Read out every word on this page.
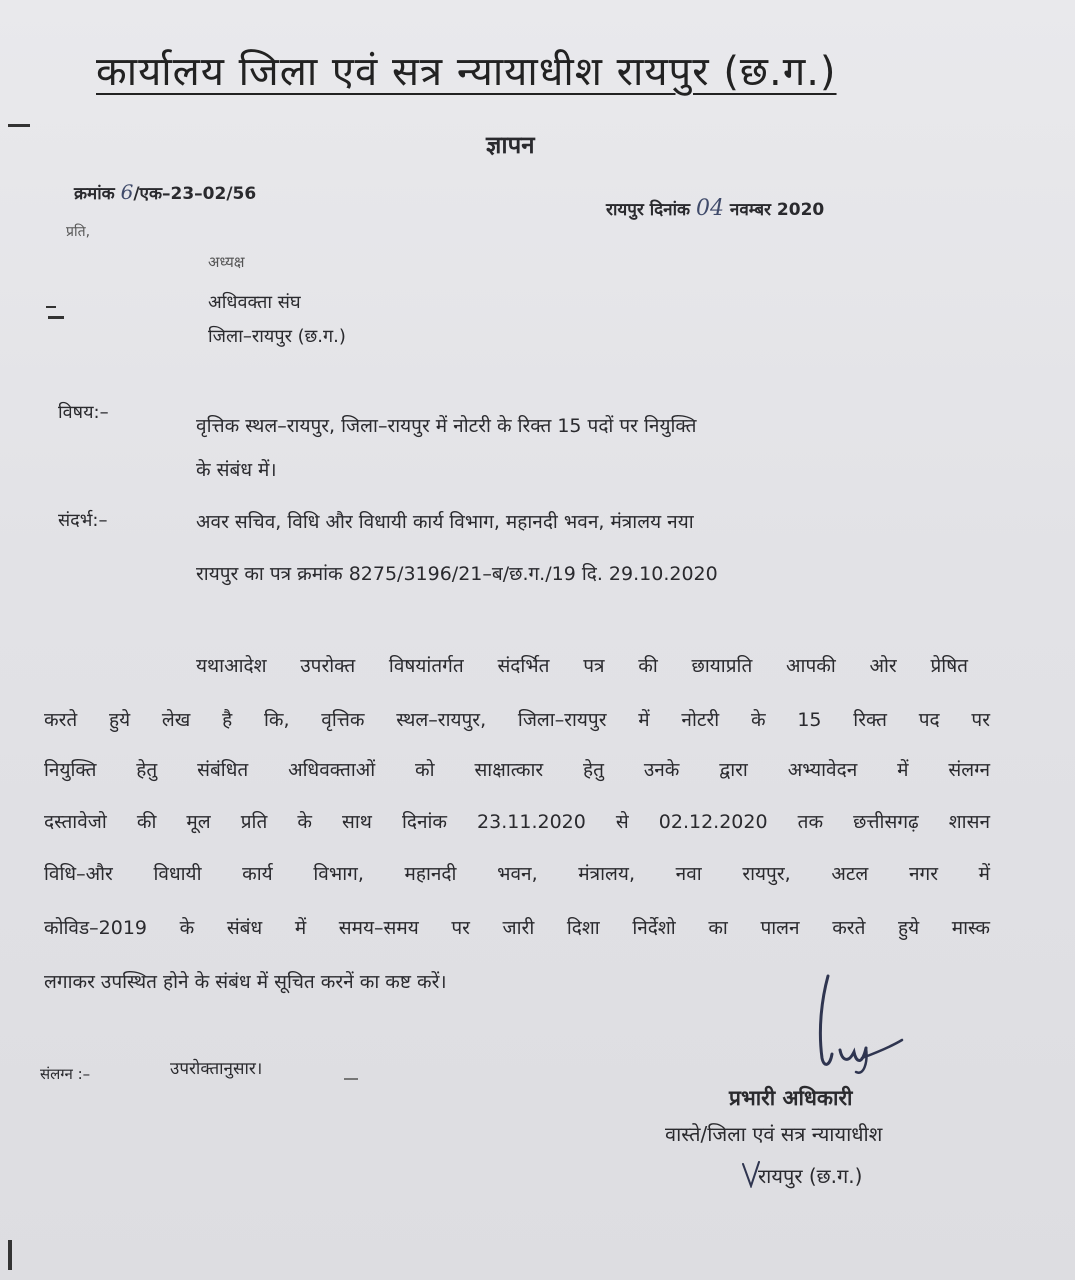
कार्यालय जिला एवं सत्र न्यायाधीश रायपुर (छ.ग.)
ज्ञापन
क्रमांक 6/एक–23–02/56
रायपुर दिनांक 04 नवम्बर 2020
प्रति,
अध्यक्ष
अधिवक्ता संघ
जिला–रायपुर (छ.ग.)
विषय:–
वृत्तिक स्थल–रायपुर, जिला–रायपुर में नोटरी के रिक्त 15 पदों पर नियुक्ति
के संबंध में।
संदर्भ:–	अवर सचिव, विधि और विधायी कार्य विभाग, महानदी भवन, मंत्रालय नया
रायपुर का पत्र क्रमांक 8275/3196/21–ब/छ.ग./19 दि. 29.10.2020
यथाआदेश उपरोक्त विषयांतर्गत संदर्भित पत्र की छायाप्रति आपकी ओर प्रेषित
करते हुये लेख है कि, वृत्तिक स्थल–रायपुर, जिला–रायपुर में नोटरी के 15 रिक्त पद पर
नियुक्ति हेतु संबंधित अधिवक्ताओं को साक्षात्कार हेतु उनके द्वारा अभ्यावेदन में संलग्न
दस्तावेजो की मूल प्रति के साथ दिनांक 23.11.2020 से 02.12.2020 तक छत्तीसगढ़ शासन
विधि–और विधायी कार्य विभाग, महानदी भवन, मंत्रालय, नवा रायपुर, अटल नगर में
कोविड–2019 के संबंध में समय–समय पर जारी दिशा निर्देशो का पालन करते हुये मास्क
लगाकर उपस्थित होने के संबंध में सूचित करनें का कष्ट करें।
संलग्न :–	उपरोक्तानुसार।
प्रभारी अधिकारी
वास्ते/जिला एवं सत्र न्यायाधीश
रायपुर (छ.ग.)
